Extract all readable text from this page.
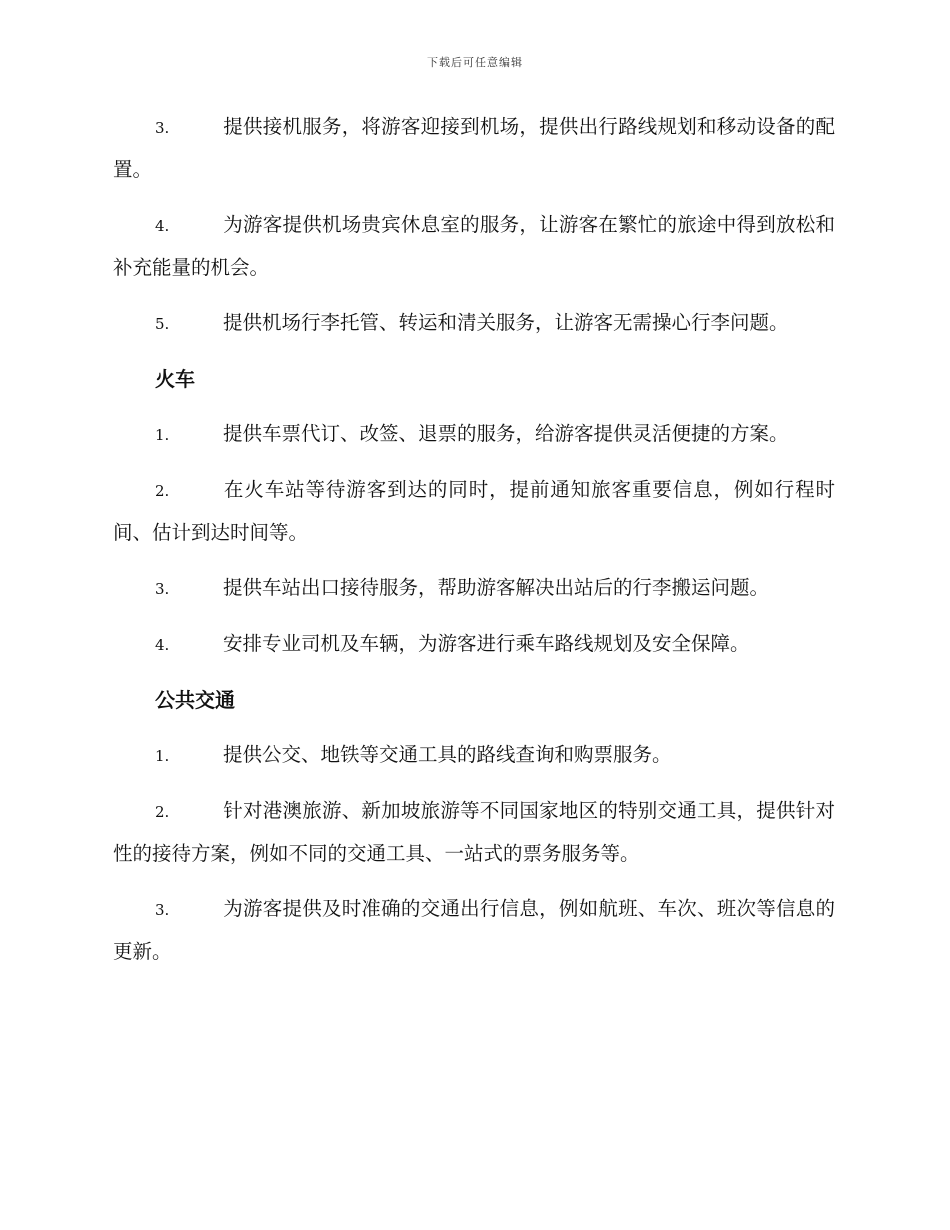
下载后可任意编辑
3.	提供接机服务，将游客迎接到机场，提供出行路线规划和移动设备的配置。
4.	为游客提供机场贵宾休息室的服务，让游客在繁忙的旅途中得到放松和补充能量的机会。
5.	提供机场行李托管、转运和清关服务，让游客无需操心行李问题。
火车
1.	提供车票代订、改签、退票的服务，给游客提供灵活便捷的方案。
2.	在火车站等待游客到达的同时，提前通知旅客重要信息，例如行程时间、估计到达时间等。
3.	提供车站出口接待服务，帮助游客解决出站后的行李搬运问题。
4.	安排专业司机及车辆，为游客进行乘车路线规划及安全保障。
公共交通
1.	提供公交、地铁等交通工具的路线查询和购票服务。
2.	针对港澳旅游、新加坡旅游等不同国家地区的特别交通工具，提供针对性的接待方案，例如不同的交通工具、一站式的票务服务等。
3.	为游客提供及时准确的交通出行信息，例如航班、车次、班次等信息的更新。
